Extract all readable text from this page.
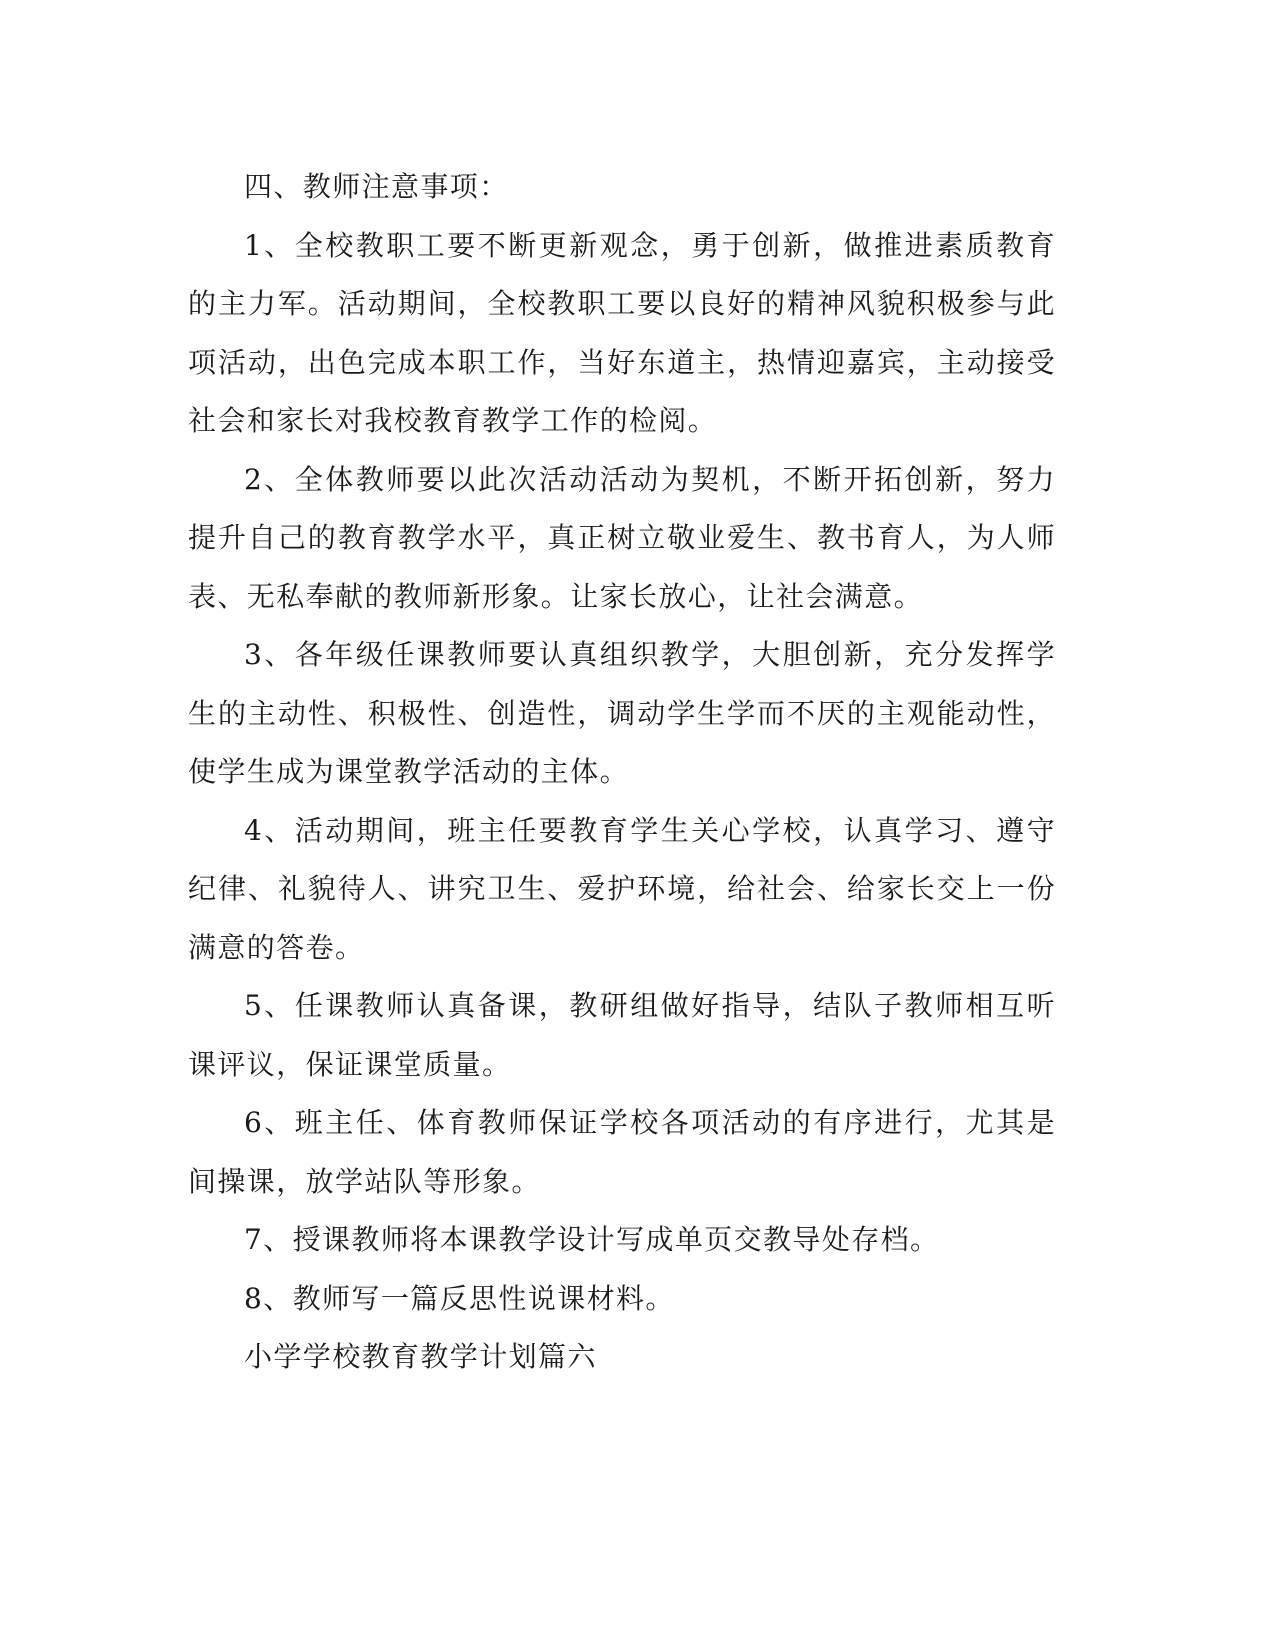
四、教师注意事项：

1、全校教职工要不断更新观念，勇于创新，做推进素质教育的主力军。活动期间，全校教职工要以良好的精神风貌积极参与此项活动，出色完成本职工作，当好东道主，热情迎嘉宾，主动接受社会和家长对我校教育教学工作的检阅。

2、全体教师要以此次活动活动为契机，不断开拓创新，努力提升自己的教育教学水平，真正树立敬业爱生、教书育人，为人师表、无私奉献的教师新形象。让家长放心，让社会满意。

3、各年级任课教师要认真组织教学，大胆创新，充分发挥学生的主动性、积极性、创造性，调动学生学而不厌的主观能动性，使学生成为课堂教学活动的主体。

4、活动期间，班主任要教育学生关心学校，认真学习、遵守纪律、礼貌待人、讲究卫生、爱护环境，给社会、给家长交上一份满意的答卷。

5、任课教师认真备课，教研组做好指导，结队子教师相互听课评议，保证课堂质量。

6、班主任、体育教师保证学校各项活动的有序进行，尤其是间操课，放学站队等形象。

7、授课教师将本课教学设计写成单页交教导处存档。

8、教师写一篇反思性说课材料。

小学学校教育教学计划篇六
